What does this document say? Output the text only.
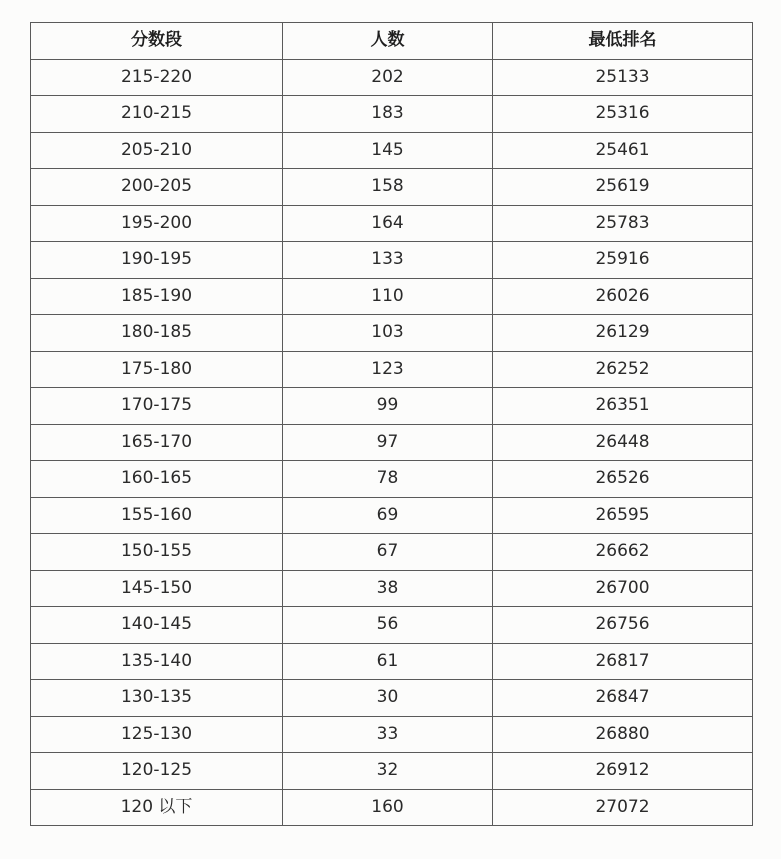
分数段	人数	最低排名
215-220	202	25133
210-215	183	25316
205-210	145	25461
200-205	158	25619
195-200	164	25783
190-195	133	25916
185-190	110	26026
180-185	103	26129
175-180	123	26252
170-175	99	26351
165-170	97	26448
160-165	78	26526
155-160	69	26595
150-155	67	26662
145-150	38	26700
140-145	56	26756
135-140	61	26817
130-135	30	26847
125-130	33	26880
120-125	32	26912
120 以下	160	27072
